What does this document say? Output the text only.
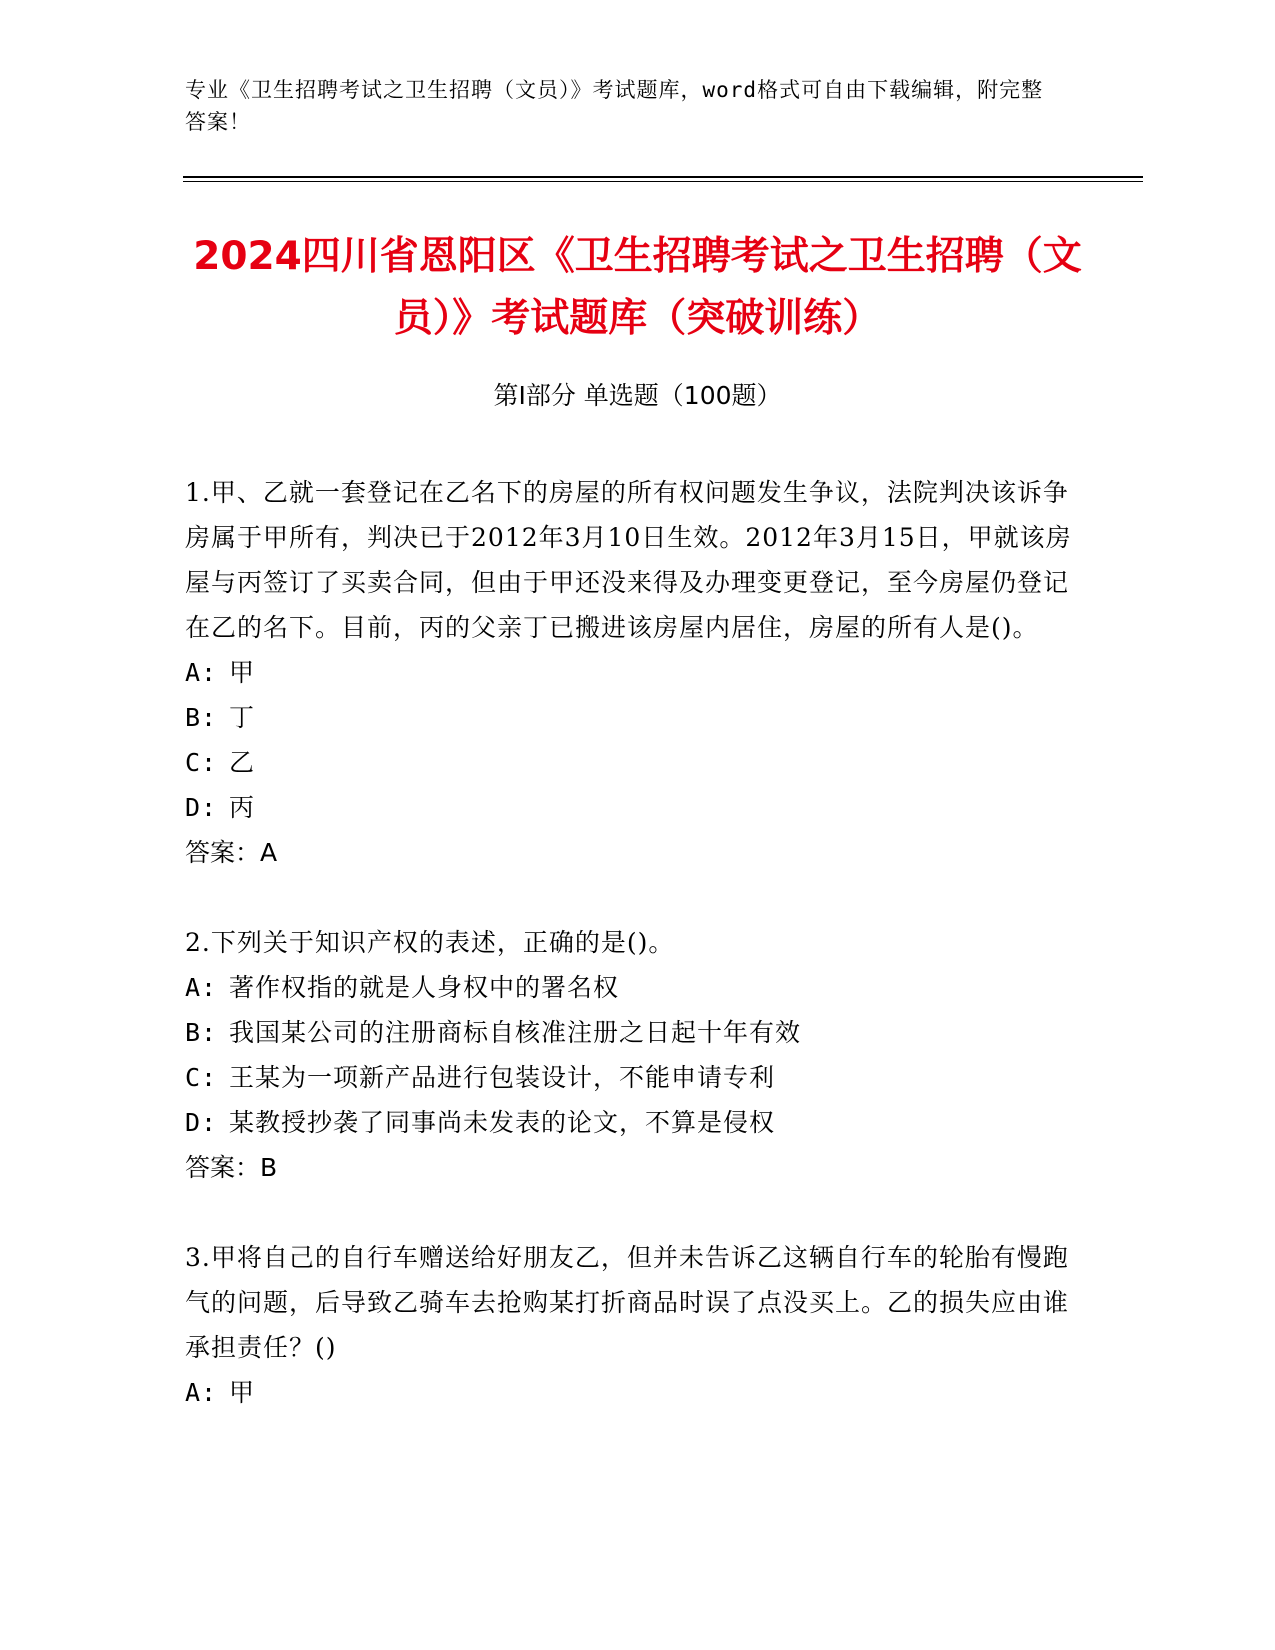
专业《卫生招聘考试之卫生招聘（文员）》考试题库，word格式可自由下载编辑，附完整答案！
2024四川省恩阳区《卫生招聘考试之卫生招聘（文员）》考试题库（突破训练）
第Ⅰ部分 单选题（100题）

1.甲、乙就一套登记在乙名下的房屋的所有权问题发生争议，法院判决该诉争房属于甲所有，判决已于2012年3月10日生效。2012年3月15日，甲就该房屋与丙签订了买卖合同，但由于甲还没来得及办理变更登记，至今房屋仍登记在乙的名下。目前，丙的父亲丁已搬进该房屋内居住，房屋的所有人是()。

A: 甲

B: 丁

C: 乙

D: 丙

答案：A

2.下列关于知识产权的表述，正确的是()。

A: 著作权指的就是人身权中的署名权

B: 我国某公司的注册商标自核准注册之日起十年有效

C: 王某为一项新产品进行包装设计，不能申请专利

D: 某教授抄袭了同事尚未发表的论文，不算是侵权

答案：B

3.甲将自己的自行车赠送给好朋友乙，但并未告诉乙这辆自行车的轮胎有慢跑气的问题，后导致乙骑车去抢购某打折商品时误了点没买上。乙的损失应由谁承担责任？()

A: 甲
